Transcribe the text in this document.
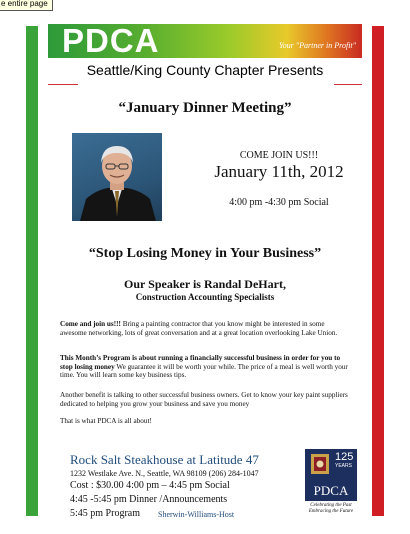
e entire page
PDCA	Your "Partner in Profit"
Seattle/King County Chapter Presents
“January Dinner Meeting”
COME JOIN US!!!
January 11th, 2012
4:00 pm -4:30 pm Social
“Stop Losing Money in Your Business”
Our Speaker is Randal DeHart,
Construction Accounting Specialists
Come and join us!!! Bring a painting contractor that you know might be interested in some awesome networking, lots of great conversation and at a great location overlooking Lake Union.
This Month’s Program is about running a financially successful business in order for you to stop losing money We guarantee it will be worth your while. The price of a meal is well worth your time. You will learn some key business tips.
Another benefit is talking to other successful business owners. Get to know your key paint suppliers dedicated to helping you grow your business and save you money
That is what PDCA is all about!
Rock Salt Steakhouse at Latitude 47
1232 Westlake Ave. N., Seattle, WA 98109 (206) 284-1047
Cost : $30.00 4:00 pm – 4:45 pm Social
4:45 -5:45 pm Dinner /Announcements
5:45 pm Program Sherwin-Williams-Host
125
YEARS
PDCA
Celebrating the Past
Embracing the Future
